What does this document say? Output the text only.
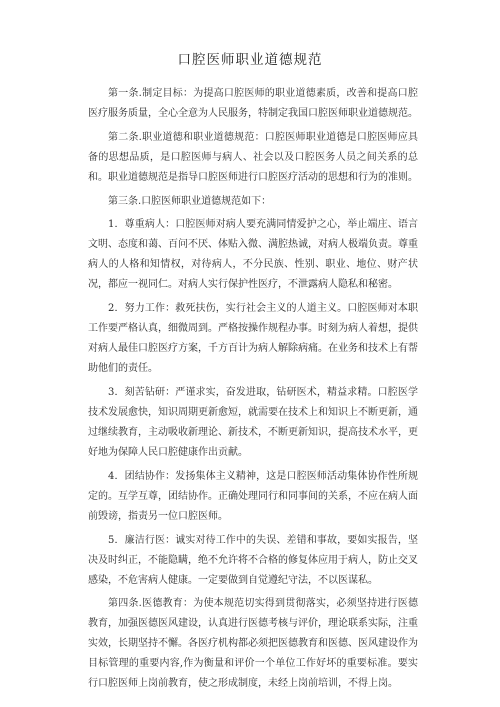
口腔医师职业道德规范

第一条.制定目标：为提高口腔医师的职业道德素质，改善和提高口腔医疗服务质量，全心全意为人民服务，特制定我国口腔医师职业道德规范。

第二条.职业道德和职业道德规范：口腔医师职业道德是口腔医师应具备的思想品质，是口腔医师与病人、社会以及口腔医务人员之间关系的总和。职业道德规范是指导口腔医师进行口腔医疗活动的思想和行为的准则。

第三条.口腔医师职业道德规范如下：

1．尊重病人：口腔医师对病人要充满同情爱护之心，举止端庄、语言文明、态度和蔼、百问不厌、体贴入微、满腔热诚，对病人极端负责。尊重病人的人格和知情权，对待病人，不分民族、性别、职业、地位、财产状况，都应一视同仁。对病人实行保护性医疗，不泄露病人隐私和秘密。

2．努力工作：救死扶伤，实行社会主义的人道主义。口腔医师对本职工作要严格认真，细微周到。严格按操作规程办事。时刻为病人着想，提供对病人最佳口腔医疗方案，千方百计为病人解除病痛。在业务和技术上有帮助他们的责任。

3．刻苦钻研：严谨求实，奋发进取，钻研医术，精益求精。口腔医学技术发展愈快，知识周期更新愈短，就需要在技术上和知识上不断更新，通过继续教育，主动吸收新理论、新技术，不断更新知识，提高技术水平，更好地为保障人民口腔健康作出贡献。

4．团结协作：发扬集体主义精神，这是口腔医师活动集体协作性所规定的。互学互尊，团结协作。正确处理同行和同事间的关系，不应在病人面前毁谤，指责另一位口腔医师。

5．廉洁行医：诚实对待工作中的失误、差错和事故，要如实报告，坚决及时纠正，不能隐瞒，绝不允许将不合格的修复体应用于病人，防止交叉感染，不危害病人健康。一定要做到自觉遵纪守法，不以医谋私。

第四条.医德教育：为使本规范切实得到贯彻落实，必须坚持进行医德教育，加强医德医风建设，认真进行医德考核与评价，理论联系实际，注重实效，长期坚持不懈。各医疗机构都必须把医德教育和医德、医风建设作为目标管理的重要内容,作为衡量和评价一个单位工作好坏的重要标准。要实行口腔医师上岗前教育，使之形成制度，未经上岗前培训，不得上岗。
